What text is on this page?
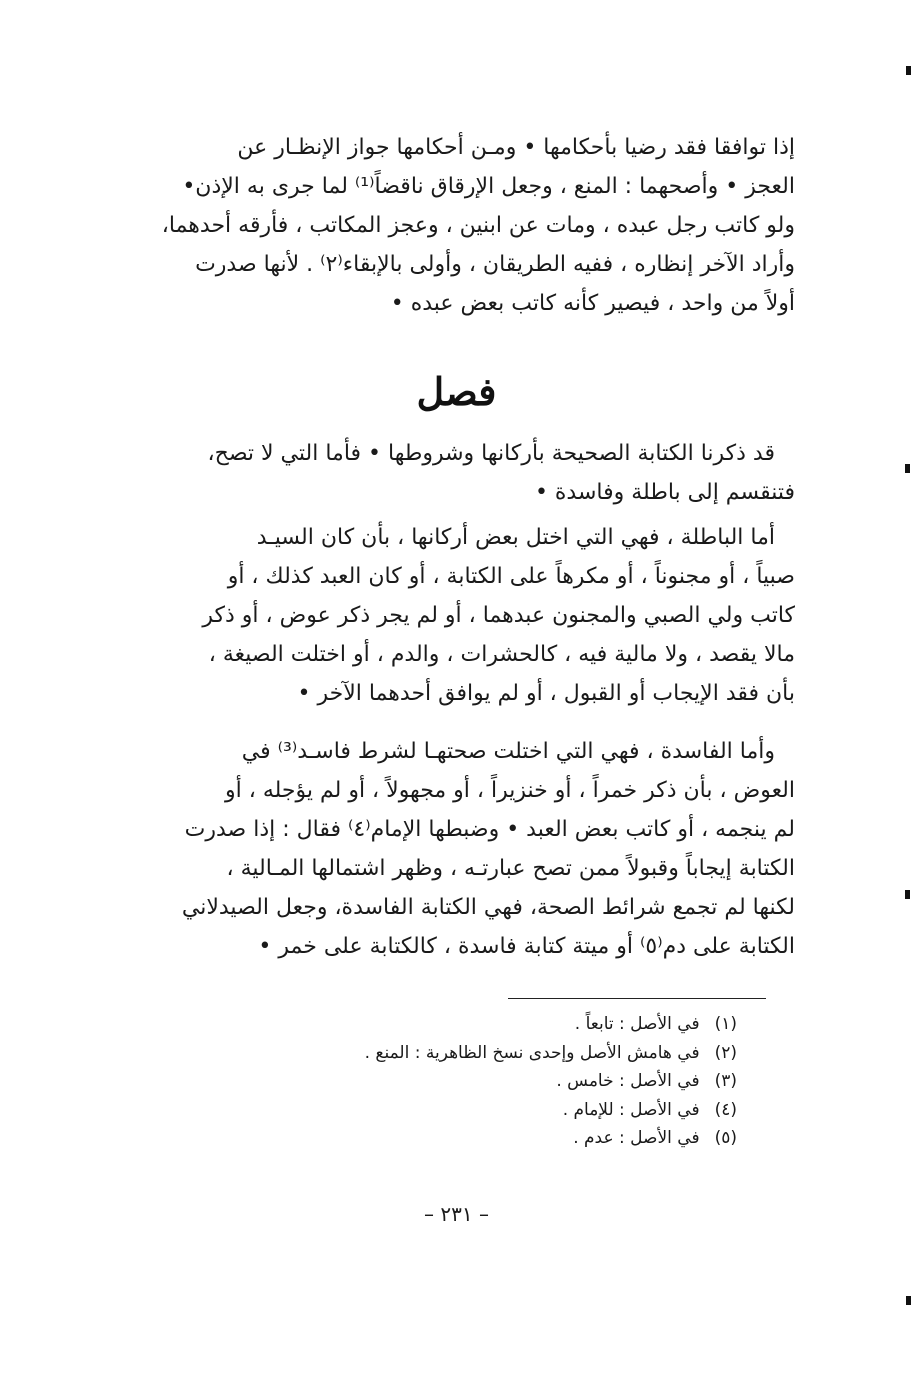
إذا توافقا فقد رضيا بأحكامها • ومـن أحكامها جواز الإنظـار عن
العجز • وأصحهما : المنع ، وجعل الإرقاق ناقضاً⁽¹⁾ لما جرى به الإذن•
ولو كاتب رجل عبده ، ومات عن ابنين ، وعجز المكاتب ، فأرقه أحدهما،
وأراد الآخر إنظاره ، ففيه الطريقان ، وأولى بالإبقاء⁽٢⁾ . لأنها صدرت
أولاً من واحد ، فيصير كأنه كاتب بعض عبده •
فصل
قد ذكرنا الكتابة الصحيحة بأركانها وشروطها • فأما التي لا تصح،
فتنقسم إلى باطلة وفاسدة •
أما الباطلة ، فهي التي اختل بعض أركانها ، بأن كان السيـد
صبياً ، أو مجنوناً ، أو مكرهاً على الكتابة ، أو كان العبد كذلك ، أو
كاتب ولي الصبي والمجنون عبدهما ، أو لم يجر ذكر عوض ، أو ذكر
مالا يقصد ، ولا مالية فيه ، كالحشرات ، والدم ، أو اختلت الصيغة ،
بأن فقد الإيجاب أو القبول ، أو لم يوافق أحدهما الآخر •
وأما الفاسدة ، فهي التي اختلت صحتهـا لشرط فاسـد⁽³⁾ في
العوض ، بأن ذكر خمراً ، أو خنزيراً ، أو مجهولاً ، أو لم يؤجله ، أو
لم ينجمه ، أو كاتب بعض العبد • وضبطها الإمام⁽٤⁾ فقال : إذا صدرت
الكتابة إيجاباً وقبولاً ممن تصح عبارتـه ، وظهر اشتمالها المـالية ،
لكنها لم تجمع شرائط الصحة، فهي الكتابة الفاسدة، وجعل الصيدلاني
الكتابة على دم⁽٥⁾ أو ميتة كتابة فاسدة ، كالكتابة على خمر •
(١) في الأصل : تابعاً .
(٢) في هامش الأصل وإحدى نسخ الظاهرية : المنع .
(٣) في الأصل : خامس .
(٤) في الأصل : للإمام .
(٥) في الأصل : عدم .
– ٢٣١ –
